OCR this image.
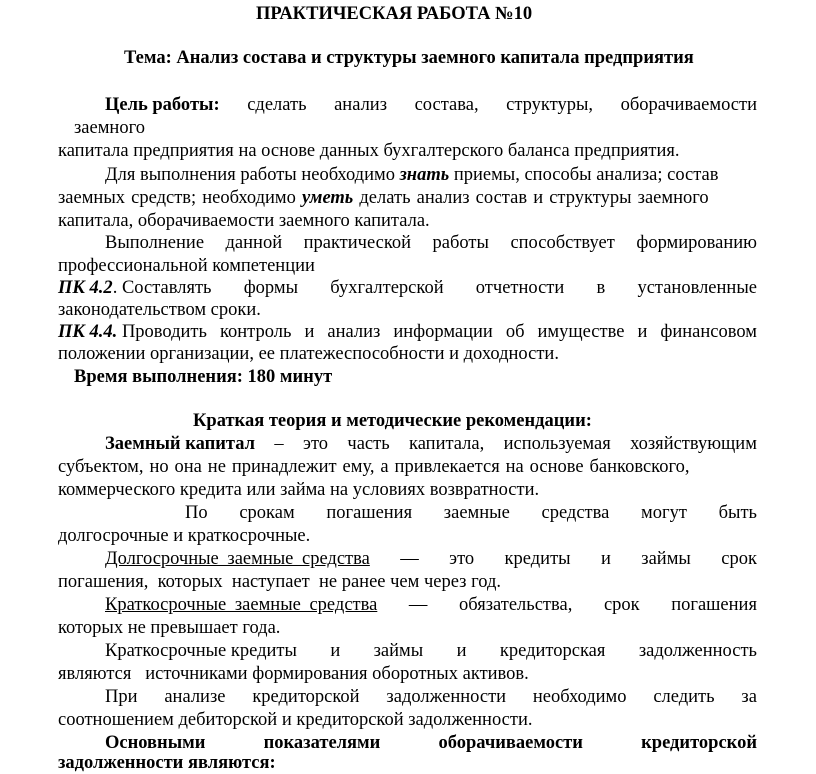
ПРАКТИЧЕСКАЯ РАБОТА №10
Тема: Анализ состава и структуры заемного капитала предприятия
Цель работы: сделать анализ состава, структуры, оборачиваемости
заемного
капитала предприятия на основе данных бухгалтерского баланса предприятия.
Для выполнения работы необходимо знать приемы, способы анализа; состав
заемных средств; необходимо уметь делать анализ состав и структуры заемного
капитала, оборачиваемости заемного капитала.
Выполнение данной практической работы способствует формированию
профессиональной компетенции
ПК 4.2. Составлять формы бухгалтерской отчетности в установленные
законодательством сроки.
ПК 4.4. Проводить контроль и анализ информации об имуществе и финансовом
положении организации, ее платежеспособности и доходности.
Время выполнения: 180 минут
Краткая теория и методические рекомендации:
Заемный капитал – это часть капитала, используемая хозяйствующим
субъектом, но она не принадлежит ему, а привлекается на основе банковского,
коммерческого кредита или займа на условиях возвратности.
По срокам погашения заемные средства могут быть
долгосрочные и краткосрочные.
Долгосрочные заемные средства — это кредиты и займы срок
погашения,  которых  наступает  не ранее чем через год.
Краткосрочные заемные средства — обязательства, срок погашения
которых не превышает года.
Краткосрочные кредиты и займы и кредиторская задолженность
являются   источниками формирования оборотных активов.
При анализе кредиторской задолженности необходимо следить за
соотношением дебиторской и кредиторской задолженности.
Основными	показателями	оборачиваемости	кредиторской
задолженности являются:
